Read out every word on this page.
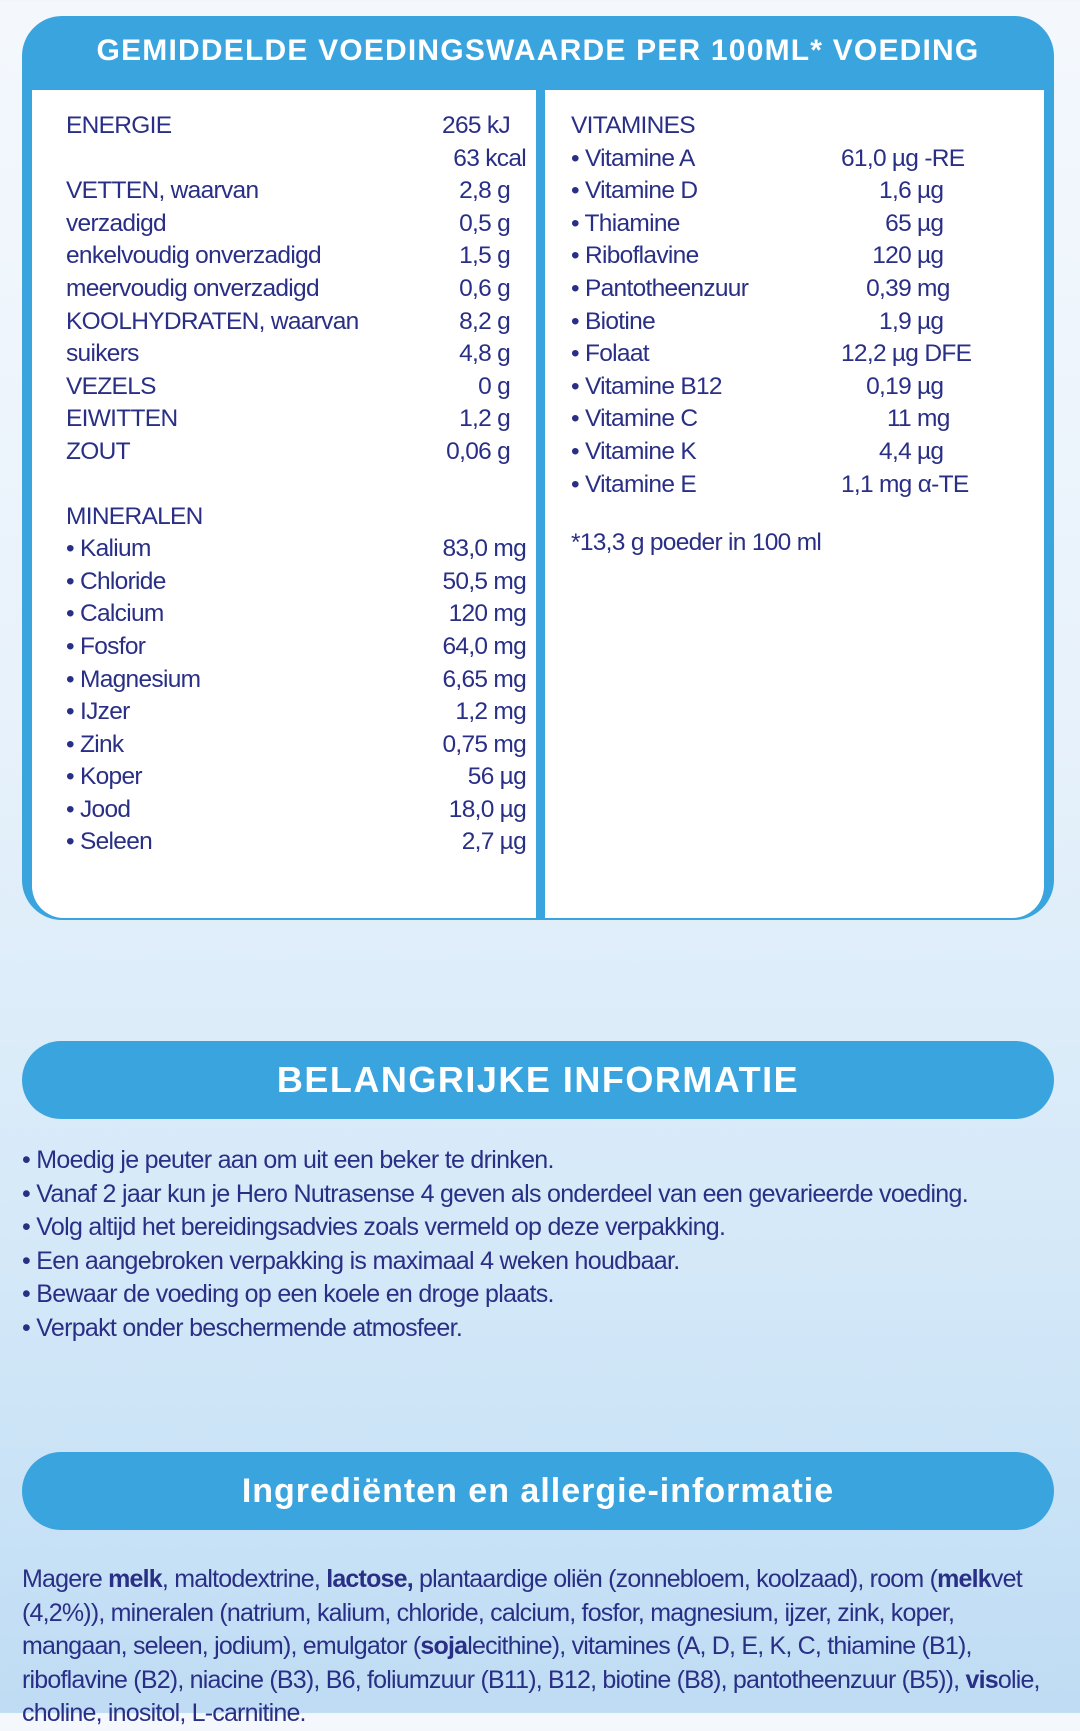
GEMIDDELDE VOEDINGSWAARDE PER 100ML* VOEDING
ENERGIE	265 kJ
63 kcal
VETTEN, waarvan	2,8 g
verzadigd	0,5 g
enkelvoudig onverzadigd	1,5 g
meervoudig onverzadigd	0,6 g
KOOLHYDRATEN, waarvan	8,2 g
suikers	4,8 g
VEZELS	0 g
EIWITTEN	1,2 g
ZOUT	0,06 g
MINERALEN
• Kalium	83,0 mg
• Chloride	50,5 mg
• Calcium	120 mg
• Fosfor	64,0 mg
• Magnesium	6,65 mg
• IJzer	1,2 mg
• Zink	0,75 mg
• Koper	56 µg
• Jood	18,0 µg
• Seleen	2,7 µg
VITAMINES
• Vitamine A	61,0 µg -RE
• Vitamine D	1,6 µg
• Thiamine	65 µg
• Riboflavine	120 µg
• Pantotheenzuur	0,39 mg
• Biotine	1,9 µg
• Folaat	12,2 µg DFE
• Vitamine B12	0,19 µg
• Vitamine C	11 mg
• Vitamine K	4,4 µg
• Vitamine E	1,1 mg α-TE
*13,3 g poeder in 100 ml
BELANGRIJKE INFORMATIE
• Moedig je peuter aan om uit een beker te drinken.
• Vanaf 2 jaar kun je Hero Nutrasense 4 geven als onderdeel van een gevarieerde voeding.
• Volg altijd het bereidingsadvies zoals vermeld op deze verpakking.
• Een aangebroken verpakking is maximaal 4 weken houdbaar.
• Bewaar de voeding op een koele en droge plaats.
• Verpakt onder beschermende atmosfeer.
Ingrediënten en allergie-informatie
Magere melk, maltodextrine, lactose, plantaardige oliën (zonnebloem, koolzaad), room (melkvet (4,2%)), mineralen (natrium, kalium, chloride, calcium, fosfor, magnesium, ijzer, zink, koper, mangaan, seleen, jodium), emulgator (sojalecithine), vitamines (A, D, E, K, C, thiamine (B1), riboflavine (B2), niacine (B3), B6, foliumzuur (B11), B12, biotine (B8), pantotheenzuur (B5)), visolie, choline, inositol, L-carnitine.
